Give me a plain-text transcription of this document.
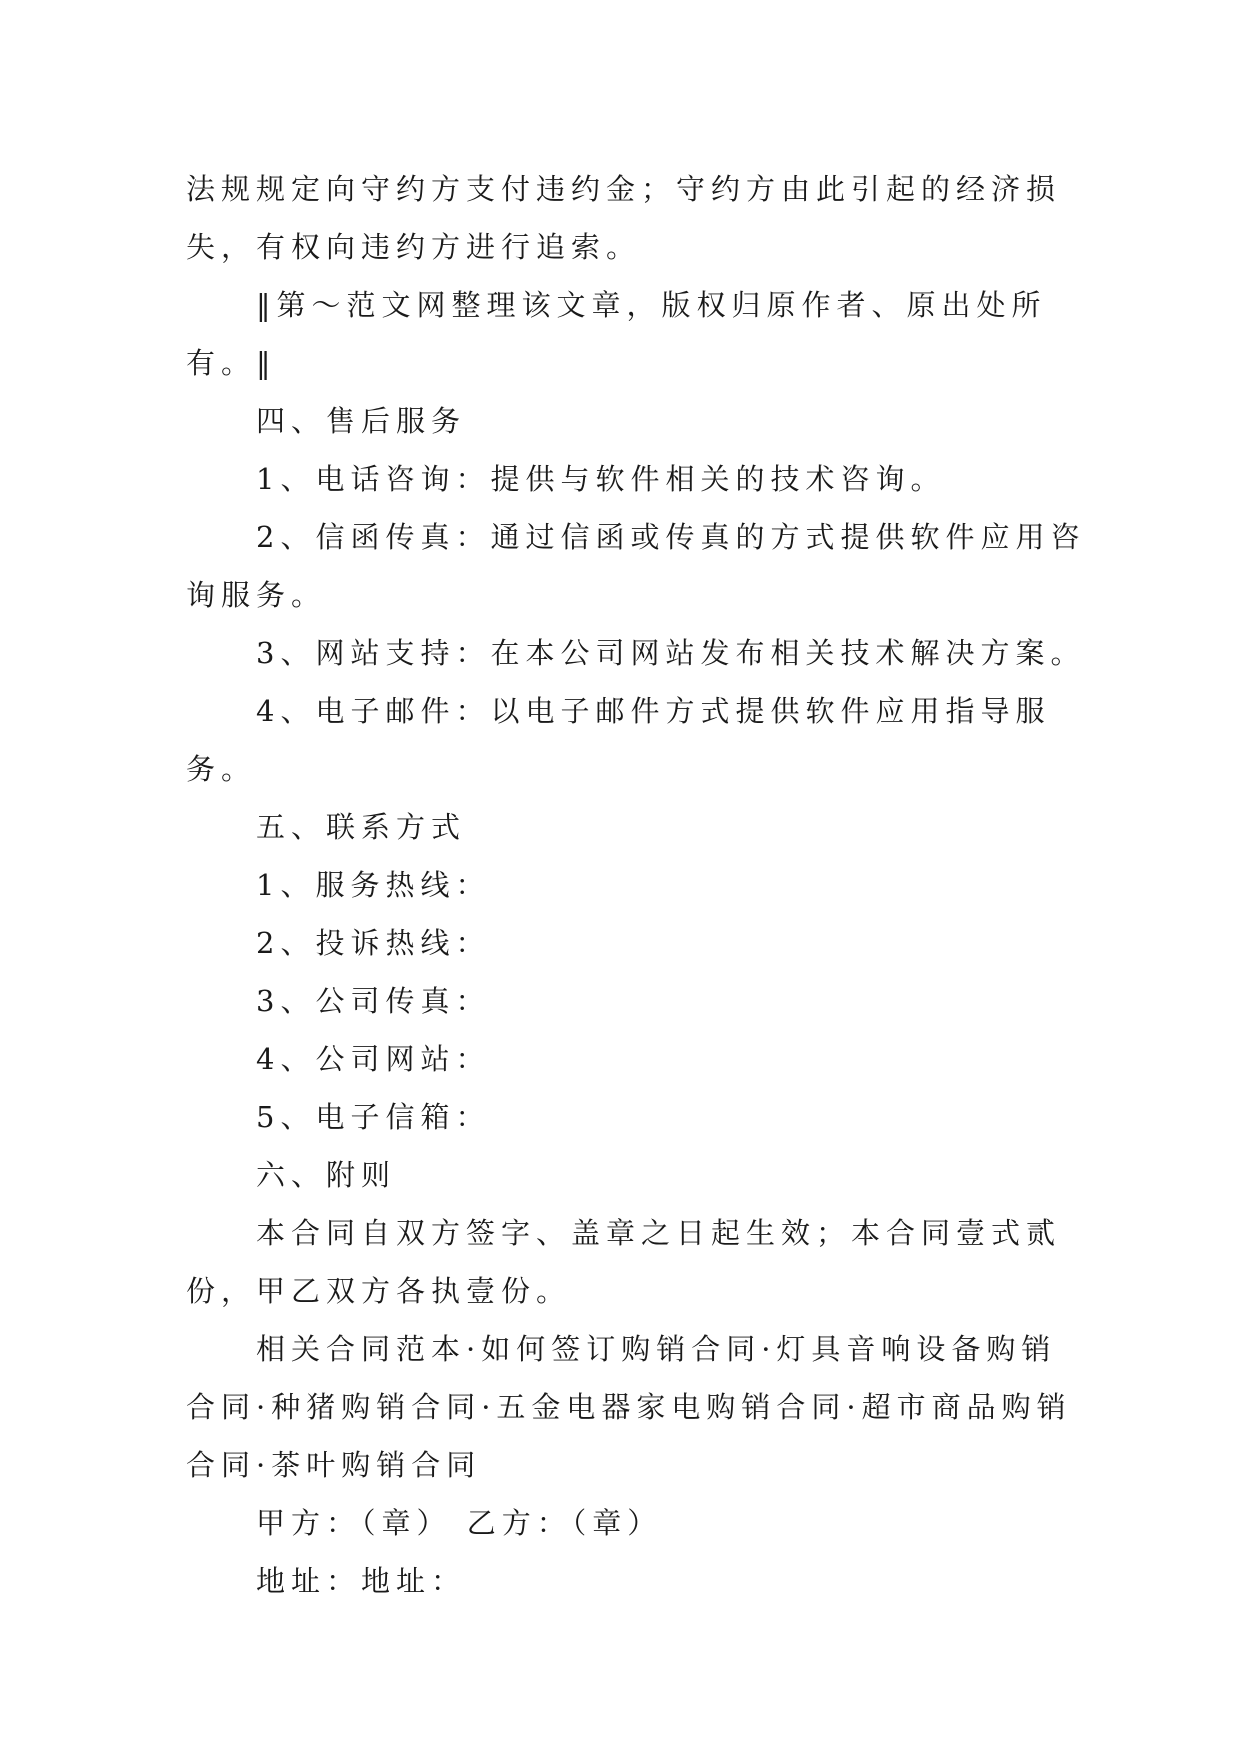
法规规定向守约方支付违约金；守约方由此引起的经济损失，有权向违约方进行追索。

‖第～范文网整理该文章，版权归原作者、原出处所有。‖

四、售后服务

1、电话咨询：提供与软件相关的技术咨询。

2、信函传真：通过信函或传真的方式提供软件应用咨询服务。

3、网站支持：在本公司网站发布相关技术解决方案。

4、电子邮件：以电子邮件方式提供软件应用指导服务。

五、联系方式

1、服务热线：

2、投诉热线：

3、公司传真：

4、公司网站：

5、电子信箱：

六、附则

本合同自双方签字、盖章之日起生效；本合同壹式贰份，甲乙双方各执壹份。

相关合同范本·如何签订购销合同·灯具音响设备购销合同·种猪购销合同·五金电器家电购销合同·超市商品购销合同·茶叶购销合同

甲方：（章） 乙方：（章）

地址：地址：
